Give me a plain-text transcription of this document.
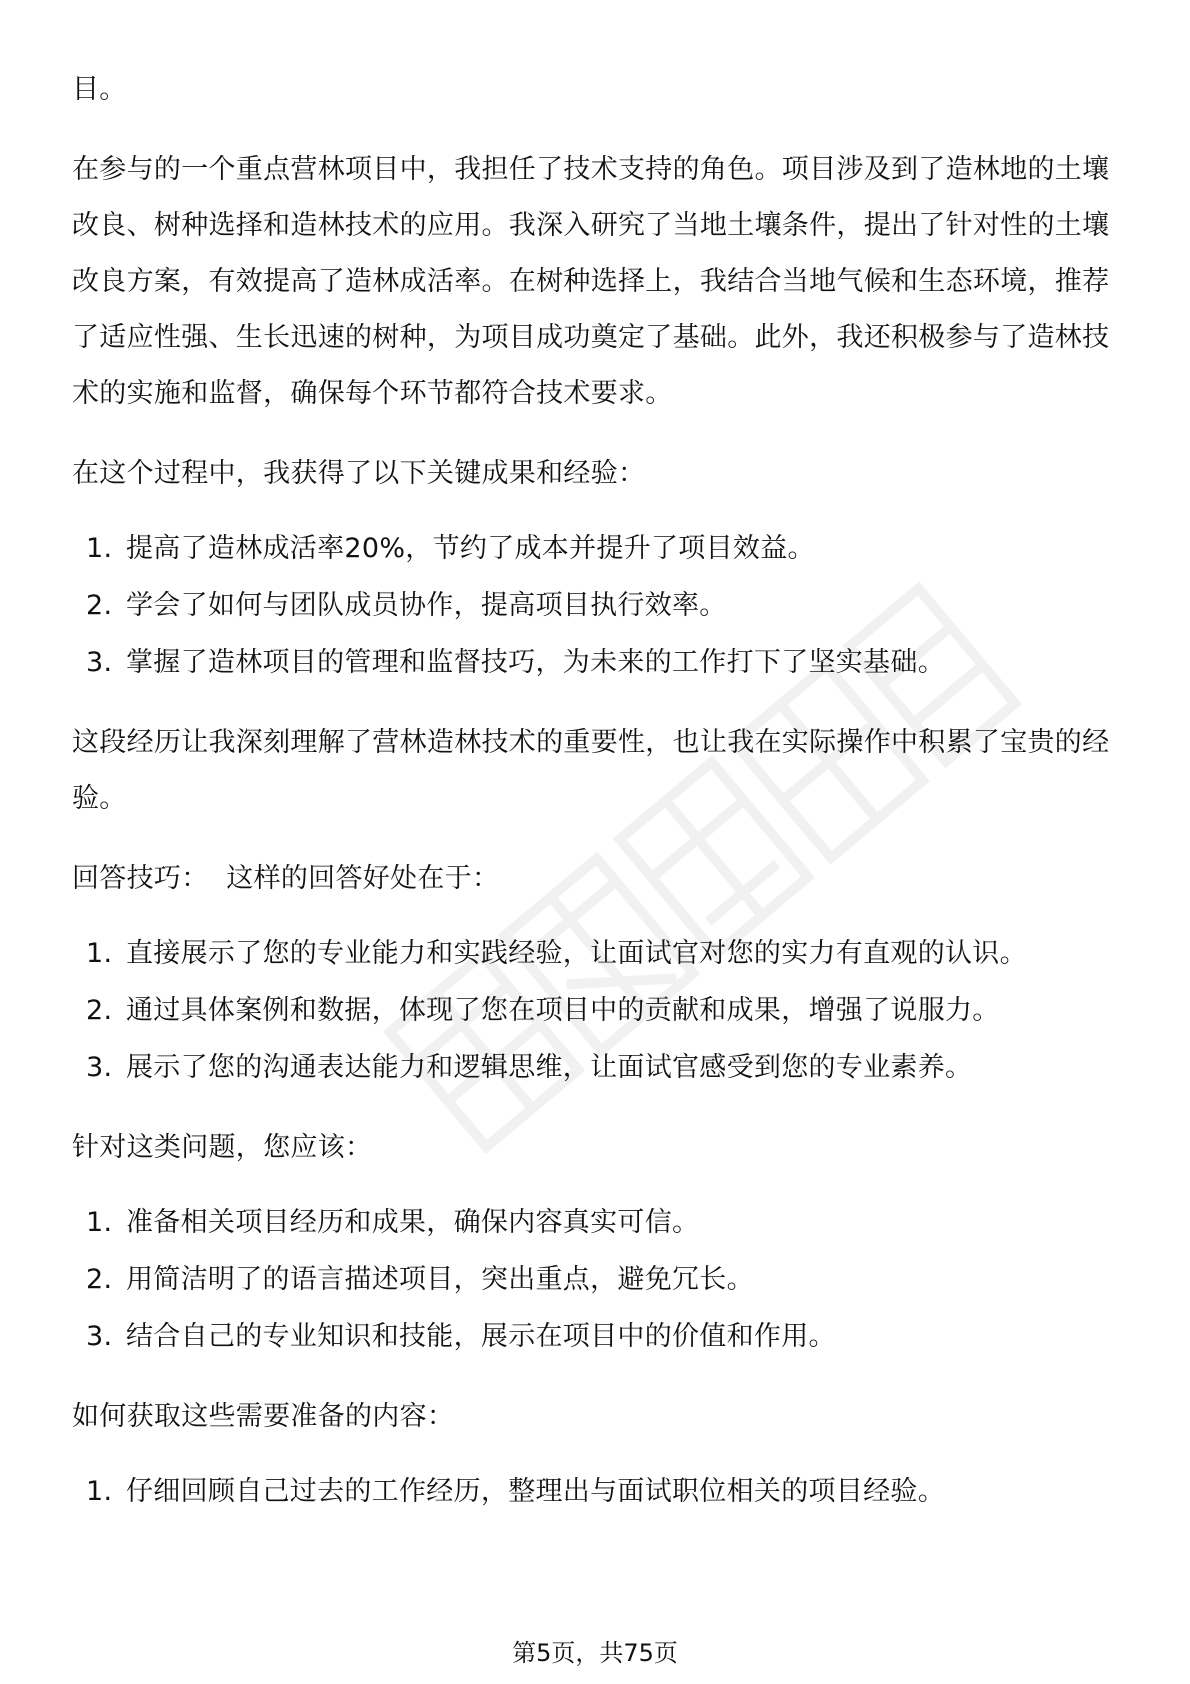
目。

在参与的一个重点营林项目中，我担任了技术支持的角色。项目涉及到了造林地的土壤改良、树种选择和造林技术的应用。我深入研究了当地土壤条件，提出了针对性的土壤改良方案，有效提高了造林成活率。在树种选择上，我结合当地气候和生态环境，推荐了适应性强、生长迅速的树种，为项目成功奠定了基础。此外，我还积极参与了造林技术的实施和监督，确保每个环节都符合技术要求。

在这个过程中，我获得了以下关键成果和经验：

1. 提高了造林成活率20%，节约了成本并提升了项目效益。
2. 学会了如何与团队成员协作，提高项目执行效率。
3. 掌握了造林项目的管理和监督技巧，为未来的工作打下了坚实基础。

这段经历让我深刻理解了营林造林技术的重要性，也让我在实际操作中积累了宝贵的经验。

回答技巧：  这样的回答好处在于：

1. 直接展示了您的专业能力和实践经验，让面试官对您的实力有直观的认识。
2. 通过具体案例和数据，体现了您在项目中的贡献和成果，增强了说服力。
3. 展示了您的沟通表达能力和逻辑思维，让面试官感受到您的专业素养。

针对这类问题，您应该：

1. 准备相关项目经历和成果，确保内容真实可信。
2. 用简洁明了的语言描述项目，突出重点，避免冗长。
3. 结合自己的专业知识和技能，展示在项目中的价值和作用。

如何获取这些需要准备的内容：

1. 仔细回顾自己过去的工作经历，整理出与面试职位相关的项目经验。
第5页，共75页
